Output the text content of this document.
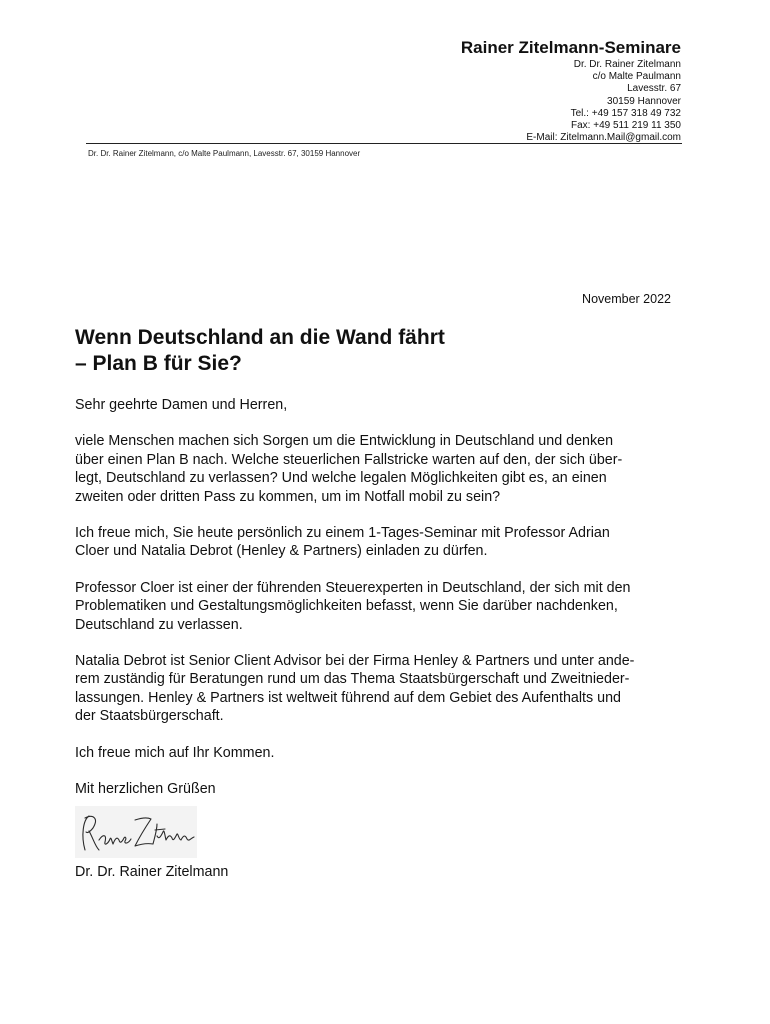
Rainer Zitelmann-Seminare
Dr. Dr. Rainer Zitelmann
c/o Malte Paulmann
Lavesstr. 67
30159 Hannover
Tel.: +49 157 318 49 732
Fax: +49 511 219 11 350
E-Mail: Zitelmann.Mail@gmail.com
Dr. Dr. Rainer Zitelmann, c/o Malte Paulmann, Lavesstr. 67, 30159 Hannover
November 2022
Wenn Deutschland an die Wand fährt
– Plan B für Sie?

Sehr geehrte Damen und Herren,

viele Menschen machen sich Sorgen um die Entwicklung in Deutschland und denken
über einen Plan B nach. Welche steuerlichen Fallstricke warten auf den, der sich über-
legt, Deutschland zu verlassen? Und welche legalen Möglichkeiten gibt es, an einen
zweiten oder dritten Pass zu kommen, um im Notfall mobil zu sein?

Ich freue mich, Sie heute persönlich zu einem 1-Tages-Seminar mit Professor Adrian
Cloer und Natalia Debrot (Henley & Partners) einladen zu dürfen.

Professor Cloer ist einer der führenden Steuerexperten in Deutschland, der sich mit den
Problematiken und Gestaltungsmöglichkeiten befasst, wenn Sie darüber nachdenken,
Deutschland zu verlassen.

Natalia Debrot ist Senior Client Advisor bei der Firma Henley & Partners und unter ande-
rem zuständig für Beratungen rund um das Thema Staatsbürgerschaft und Zweitnieder-
lassungen. Henley & Partners ist weltweit führend auf dem Gebiet des Aufenthalts und
der Staatsbürgerschaft.

Ich freue mich auf Ihr Kommen.

Mit herzlichen Grüßen

Dr. Dr. Rainer Zitelmann
